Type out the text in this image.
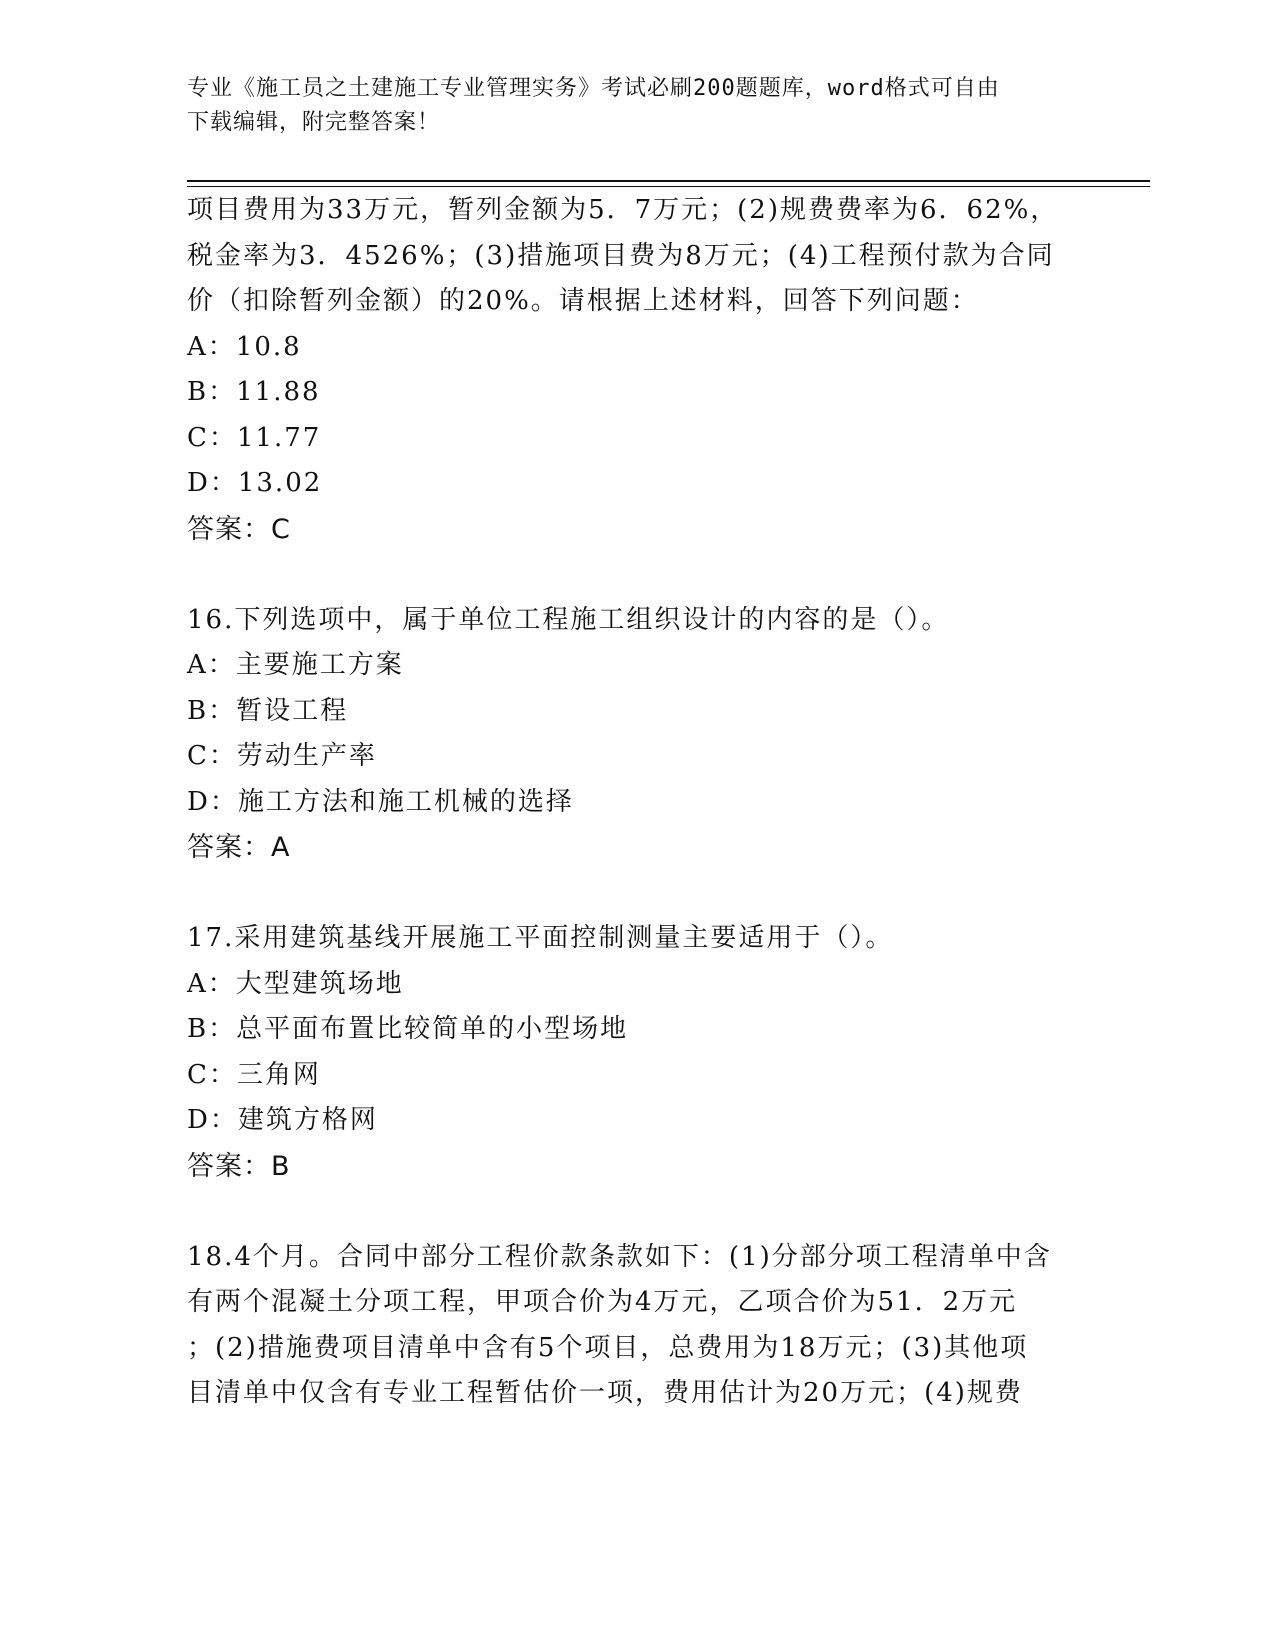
专业《施工员之土建施工专业管理实务》考试必刷200题题库，word格式可自由
下载编辑，附完整答案！
项目费用为33万元，暂列金额为5．7万元；(2)规费费率为6．62%，
税金率为3．4526%；(3)措施项目费为8万元；(4)工程预付款为合同
价（扣除暂列金额）的20%。请根据上述材料，回答下列问题：
A：10.8
B：11.88
C：11.77
D：13.02
答案：C
16.下列选项中，属于单位工程施工组织设计的内容的是（）。
A：主要施工方案
B：暂设工程
C：劳动生产率
D：施工方法和施工机械的选择
答案：A
17.采用建筑基线开展施工平面控制测量主要适用于（）。
A：大型建筑场地
B：总平面布置比较简单的小型场地
C：三角网
D：建筑方格网
答案：B
18.4个月。合同中部分工程价款条款如下：(1)分部分项工程清单中含
有两个混凝土分项工程，甲项合价为4万元，乙项合价为51．2万元
；(2)措施费项目清单中含有5个项目，总费用为18万元；(3)其他项
目清单中仅含有专业工程暂估价一项，费用估计为20万元；(4)规费
